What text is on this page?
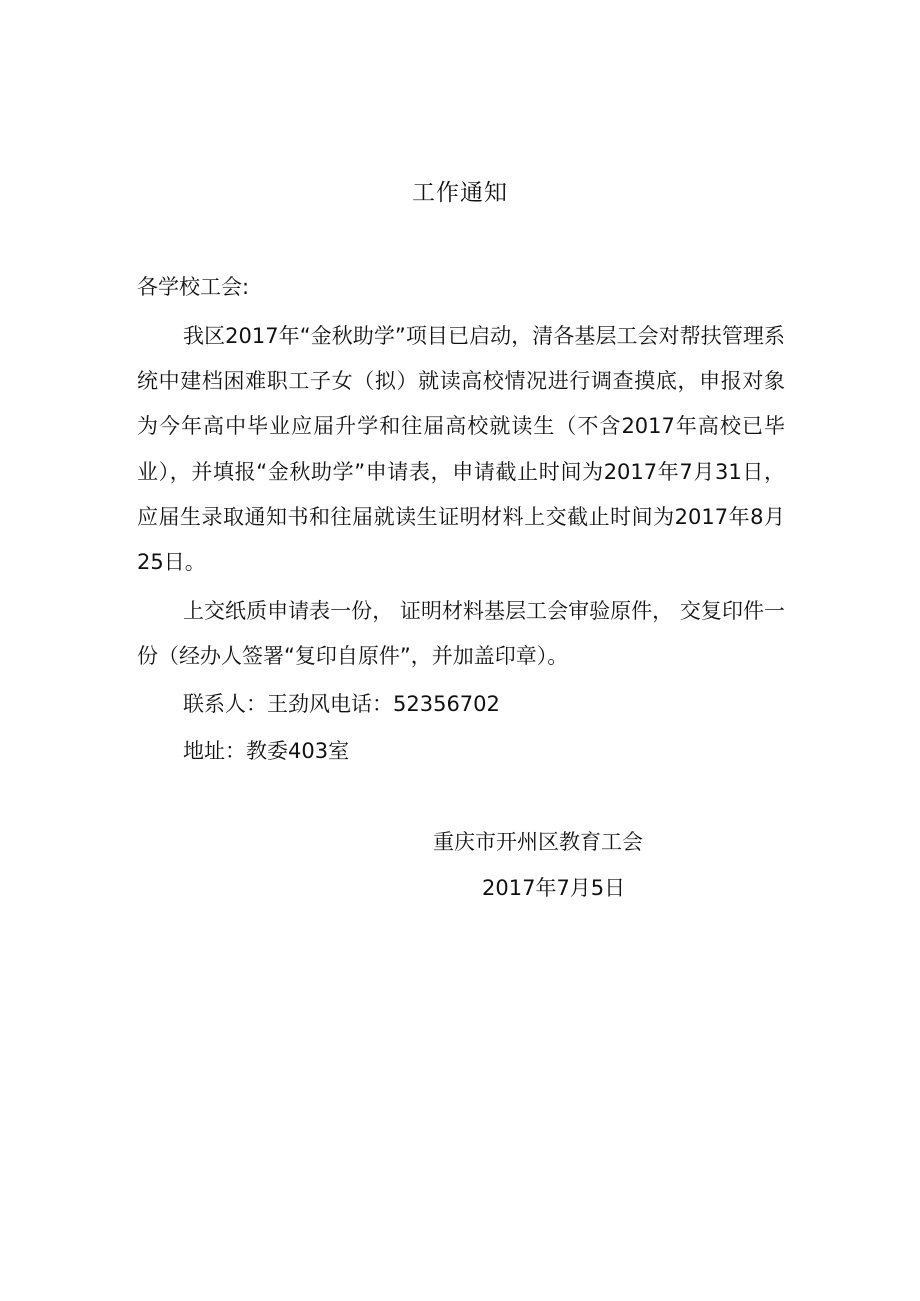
工作通知
各学校工会:

我区2017年“金秋助学”项目已启动，清各基层工会对帮扶管理系统中建档困难职工子女（拟）就读高校情况进行调查摸底，申报对象为今年高中毕业应届升学和往届高校就读生（不含2017年高校已毕业），并填报“金秋助学”申请表，申请截止时间为2017年7月31日，应届生录取通知书和往届就读生证明材料上交截止时间为2017年8月25日。

上交纸质申请表一份， 证明材料基层工会审验原件， 交复印件一份（经办人签署“复印自原件”，并加盖印章）。

联系人：王劲风电话：52356702

地址：教委403室

重庆市开州区教育工会
2017年7月5日
